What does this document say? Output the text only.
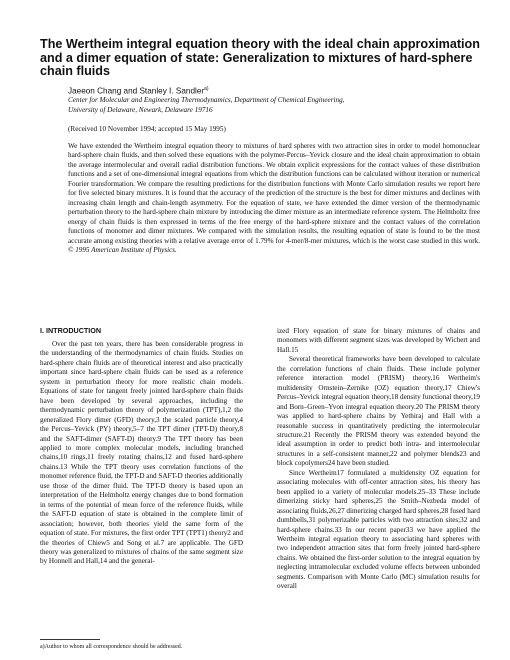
The Wertheim integral equation theory with the ideal chain approximation and a dimer equation of state: Generalization to mixtures of hard-sphere chain fluids
Jaeeon Chang and Stanley I. Sandler$^{a)}$
Center for Molecular and Engineering Thermodynamics, Department of Chemical Engineering,
University of Delaware, Newark, Delaware 19716
(Received 10 November 1994; accepted 15 May 1995)

We have extended the Wertheim integral equation theory to mixtures of hard spheres with two attraction sites in order to model homonuclear hard-sphere chain fluids, and then solved these equations with the polymer-Percus–Yevick closure and the ideal chain approximation to obtain the average intermolecular and overall radial distribution functions. We obtain explicit expressions for the contact values of these distribution functions and a set of one-dimensional integral equations from which the distribution functions can be calculated without iteration or numerical Fourier transformation. We compare the resulting predictions for the distribution functions with Monte Carlo simulation results we report here for five selected binary mixtures. It is found that the accuracy of the prediction of the structure is the best for dimer mixtures and declines with increasing chain length and chain-length asymmetry. For the equation of state, we have extended the dimer version of the thermodynamic perturbation theory to the hard-sphere chain mixture by introducing the dimer mixture as an intermediate reference system. The Helmholtz free energy of chain fluids is then expressed in terms of the free energy of the hard-sphere mixture and the contact values of the correlation functions of monomer and dimer mixtures. We compared with the simulation results, the resulting equation of state is found to be the most accurate among existing theories with a relative average error of 1.79% for 4-mer/8-mer mixtures, which is the worst case studied in this work. © 1995 American Institute of Physics.

I. INTRODUCTION

Over the past ten years, there has been considerable progress in the understanding of the thermodynamics of chain fluids. Studies on hard-sphere chain fluids are of theoretical interest and also practically important since hard-sphere chain fluids can be used as a reference system in perturbation theory for more realistic chain models. Equations of state for tangent freely jointed hard-sphere chain fluids have been developed by several approaches, including the thermodynamic perturbation theory of polymerization (TPT),1,2 the generalized Flory dimer (GFD) theory,3 the scaled particle theory,4 the Percus–Yevick (PY) theory,5–7 the TPT dimer (TPT-D) theory,8 and the SAFT-dimer (SAFT-D) theory.9 The TPT theory has been applied to more complex molecular models, including branched chains,10 rings,11 freely rotating chains,12 and fused hard-sphere chains.13 While the TPT theory uses correlation functions of the monomer reference fluid, the TPT-D and SAFT-D theories additionally use those of the dimer fluid. The TPT-D theory is based upon an interpretation of the Helmholtz energy changes due to bond formation in terms of the potential of mean force of the reference fluids, while the SAFT-D equation of state is obtained in the complete limit of association; however, both theories yield the same form of the equation of state. For mixtures, the first order TPT (TPT1) theory2 and the theories of Chiew5 and Song et al.7 are applicable. The GFD theory was generalized to mixtures of chains of the same segment size by Honnell and Hall,14 and the general-

ized Flory equation of state for binary mixtures of chains and monomers with different segment sizes was developed by Wichert and Hall.15

Several theoretical frameworks have been developed to calculate the correlation functions of chain fluids. These include polymer reference interaction model (PRISM) theory,16 Wertheim's multidensity Ornstein–Zernike (OZ) equation theory,17 Chiew's Percus–Yevick integral equation theory,18 density functional theory,19 and Born–Green–Yvon integral equation theory.20 The PRISM theory was applied to hard-sphere chains by Yethiraj and Hall with a reasonable success in quantitatively predicting the intermolecular structure.21 Recently the PRISM theory was extended beyond the ideal assumption in order to predict both intra- and intermolecular structures in a self-consistent manner,22 and polymer blends23 and block copolymers24 have been studied.

Since Wertheim17 formulated a multidensity OZ equation for associating molecules with off-center attraction sites, his theory has been applied to a variety of molecular models.25–33 These include dimerizing sticky hard spheres,25 the Smith–Nezbeda model of associating fluids,26,27 dimerizing charged hard spheres,28 fused hard dumbbells,31 polymerizable particles with two attraction sites;32 and hard-sphere chains.33 In our recent paper33 we have applied the Wertheim integral equation theory to associating hard spheres with two independent attraction sites that form freely jointed hard-sphere chains. We obtained the first-order solution to the integral equation by neglecting intramolecular excluded volume effects between unbonded segments. Comparison with Monte Carlo (MC) simulation results for overall

a)Author to whom all correspondence should be addressed.
